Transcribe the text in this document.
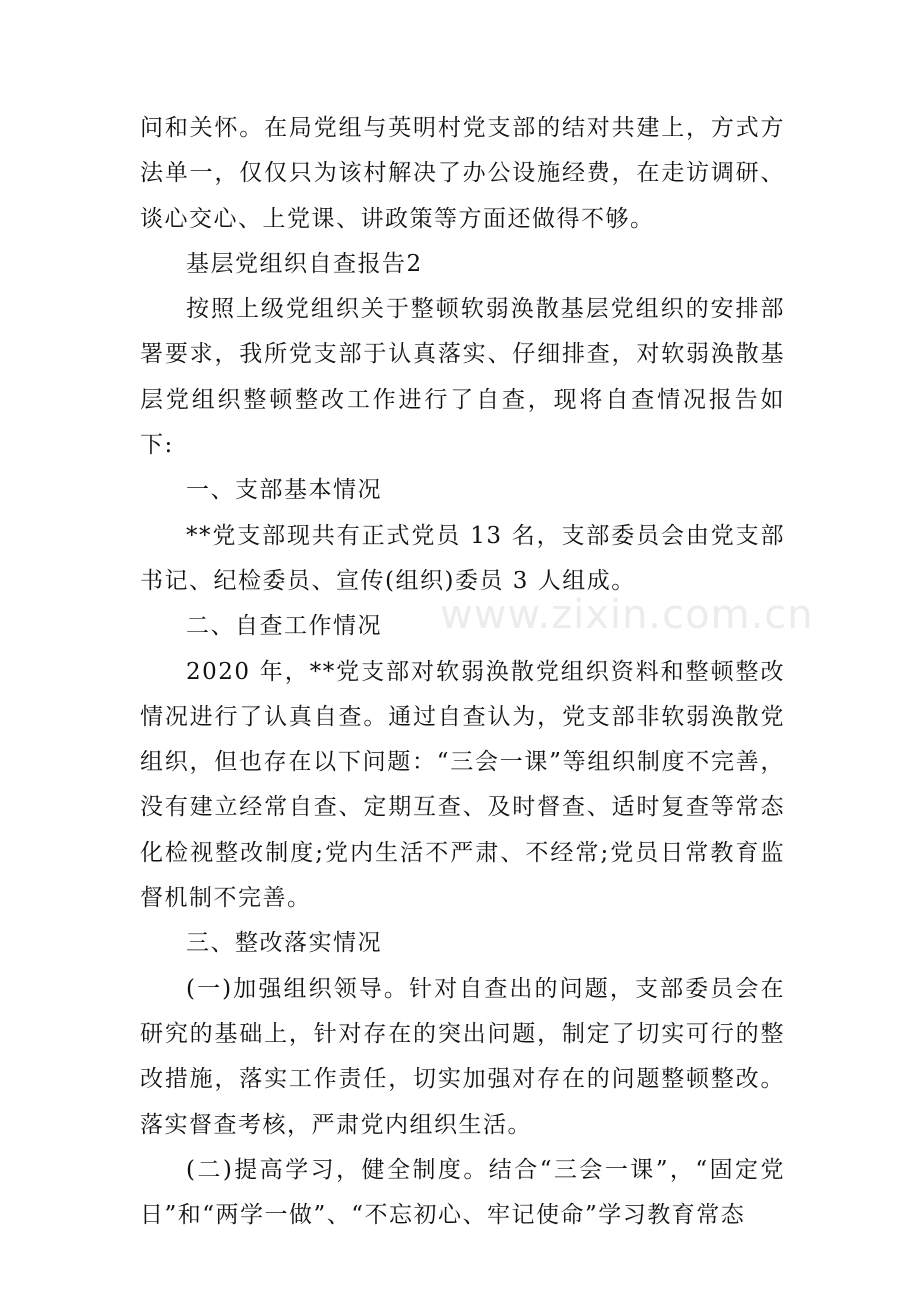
问和关怀。在局党组与英明村党支部的结对共建上，方式方法单一，仅仅只为该村解决了办公设施经费，在走访调研、谈心交心、上党课、讲政策等方面还做得不够。

基层党组织自查报告2

按照上级党组织关于整顿软弱涣散基层党组织的安排部署要求，我所党支部于认真落实、仔细排查，对软弱涣散基层党组织整顿整改工作进行了自查，现将自查情况报告如下:

一、支部基本情况

**党支部现共有正式党员 13 名，支部委员会由党支部书记、纪检委员、宣传(组织)委员 3 人组成。

二、自查工作情况

2020 年，**党支部对软弱涣散党组织资料和整顿整改情况进行了认真自查。通过自查认为，党支部非软弱涣散党组织，但也存在以下问题：“三会一课”等组织制度不完善，没有建立经常自查、定期互查、及时督查、适时复查等常态化检视整改制度;党内生活不严肃、不经常;党员日常教育监督机制不完善。

三、整改落实情况

(一)加强组织领导。针对自查出的问题，支部委员会在研究的基础上，针对存在的突出问题，制定了切实可行的整改措施，落实工作责任，切实加强对存在的问题整顿整改。落实督查考核，严肃党内组织生活。

(二)提高学习，健全制度。结合“三会一课”，“固定党日”和“两学一做”、“不忘初心、牢记使命”学习教育常态

www.zixin.com.cn
